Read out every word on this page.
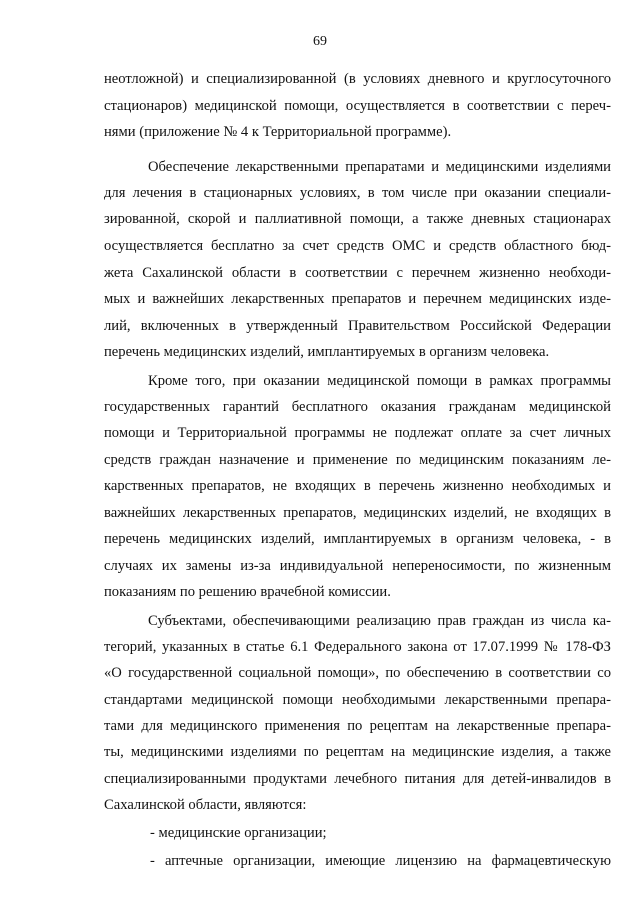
69
неотложной) и специализированной (в условиях дневного и круглосуточного
стационаров) медицинской помощи, осуществляется в соответствии с переч-
нями (приложение № 4 к Территориальной программе).
Обеспечение лекарственными препаратами и медицинскими изделиями
для лечения в стационарных условиях, в том числе при оказании специали-
зированной, скорой и паллиативной помощи, а также дневных стационарах
осуществляется бесплатно за счет средств ОМС и средств областного бюд-
жета Сахалинской области в соответствии с перечнем жизненно необходи-
мых и важнейших лекарственных препаратов и перечнем медицинских изде-
лий, включенных в утвержденный Правительством Российской Федерации
перечень медицинских изделий, имплантируемых в организм человека.
Кроме того, при оказании медицинской помощи в рамках программы
государственных гарантий бесплатного оказания гражданам медицинской
помощи и Территориальной программы не подлежат оплате за счет личных
средств граждан назначение и применение по медицинским показаниям ле-
карственных препаратов, не входящих в перечень жизненно необходимых и
важнейших лекарственных препаратов, медицинских изделий, не входящих в
перечень медицинских изделий, имплантируемых в организм человека, - в
случаях их замены из-за индивидуальной непереносимости, по жизненным
показаниям по решению врачебной комиссии.
Субъектами, обеспечивающими реализацию прав граждан из числа ка-
тегорий, указанных в статье 6.1 Федерального закона от 17.07.1999 № 178-ФЗ
«О государственной социальной помощи», по обеспечению в соответствии со
стандартами медицинской помощи необходимыми лекарственными препара-
тами для медицинского применения по рецептам на лекарственные препара-
ты, медицинскими изделиями по рецептам на медицинские изделия, а также
специализированными продуктами лечебного питания для детей-инвалидов в
Сахалинской области, являются:
- медицинские организации;
- аптечные организации, имеющие лицензию на фармацевтическую
